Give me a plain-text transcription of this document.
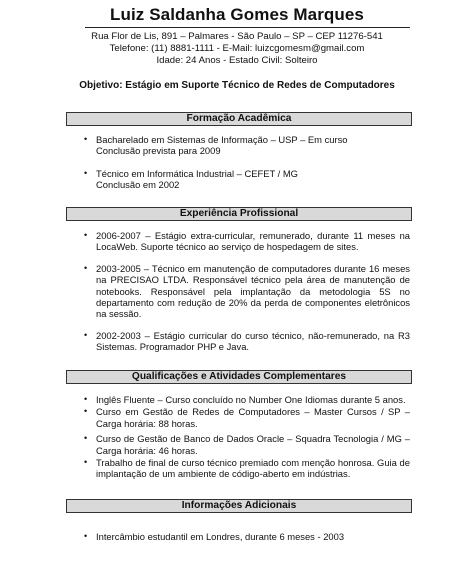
Luiz Saldanha Gomes Marques
Rua Flor de Lis, 891 – Palmares - São Paulo – SP – CEP 11276-541
Telefone: (11) 8881-1111 - E-Mail: luizcgomesm@gmail.com
Idade: 24 Anos - Estado Civil: Solteiro
Objetivo: Estágio em Suporte Técnico de Redes de Computadores
Formação Acadêmica
• Bacharelado em Sistemas de Informação – USP – Em curso
Conclusão prevista para 2009
• Técnico em Informática Industrial – CEFET / MG
Conclusão em 2002
Experiência Profissional
• 2006-2007 – Estágio extra-curricular, remunerado, durante 11 meses na LocaWeb. Suporte técnico ao serviço de hospedagem de sites.
• 2003-2005 – Técnico em manutenção de computadores durante 16 meses na PRECISAO LTDA. Responsável técnico pela área de manutenção de notebooks. Responsável pela implantação da metodologia 5S no departamento com redução de 20% da perda de componentes eletrônicos na sessão.
• 2002-2003 – Estágio curricular do curso técnico, não-remunerado, na R3 Sistemas. Programador PHP e Java.
Qualificações e Atividades Complementares
• Inglês Fluente – Curso concluído no Number One Idiomas durante 5 anos.
• Curso em Gestão de Redes de Computadores – Master Cursos / SP – Carga horária: 88 horas.
• Curso de Gestão de Banco de Dados Oracle – Squadra Tecnologia / MG – Carga horária: 46 horas.
• Trabalho de final de curso técnico premiado com menção honrosa. Guia de implantação de um ambiente de código-aberto em indústrias.
Informações Adicionais
• Intercâmbio estudantil em Londres, durante 6 meses - 2003
